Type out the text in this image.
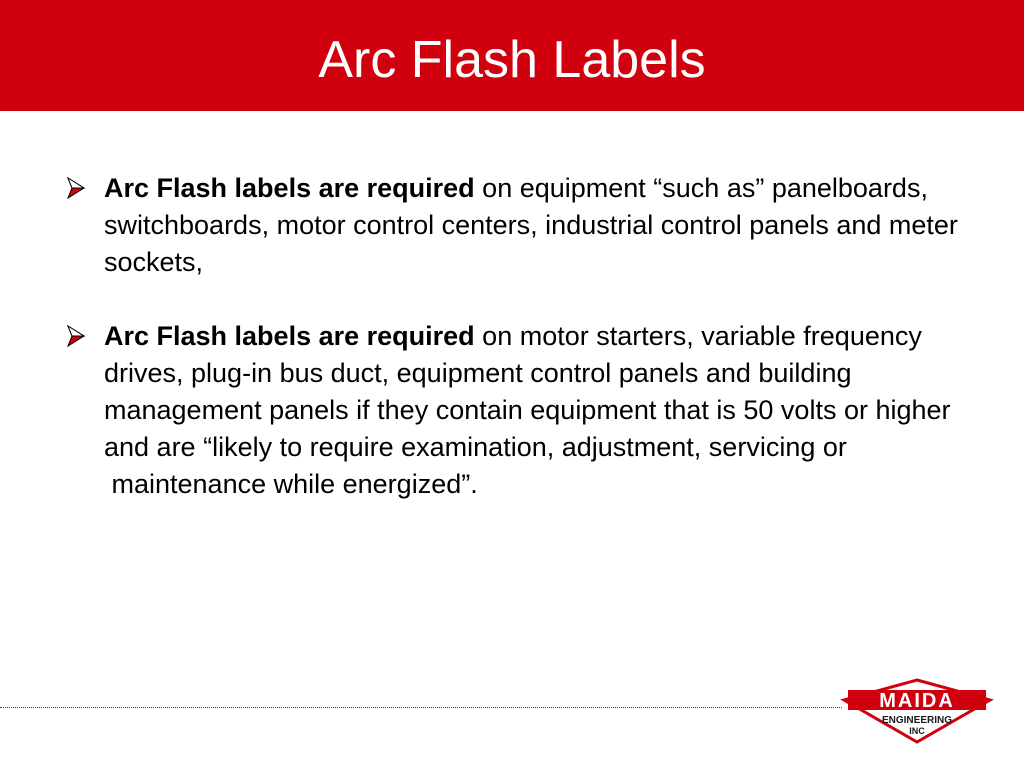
Arc Flash Labels
Arc Flash labels are required on equipment “such as” panelboards, switchboards, motor control centers, industrial control panels and meter sockets,
Arc Flash labels are required on motor starters, variable frequency drives, plug-in bus duct, equipment control panels and building management panels if they contain equipment that is 50 volts or higher and are “likely to require examination, adjustment, servicing or  maintenance while energized”.
MAIDA
ENGINEERING
INC
